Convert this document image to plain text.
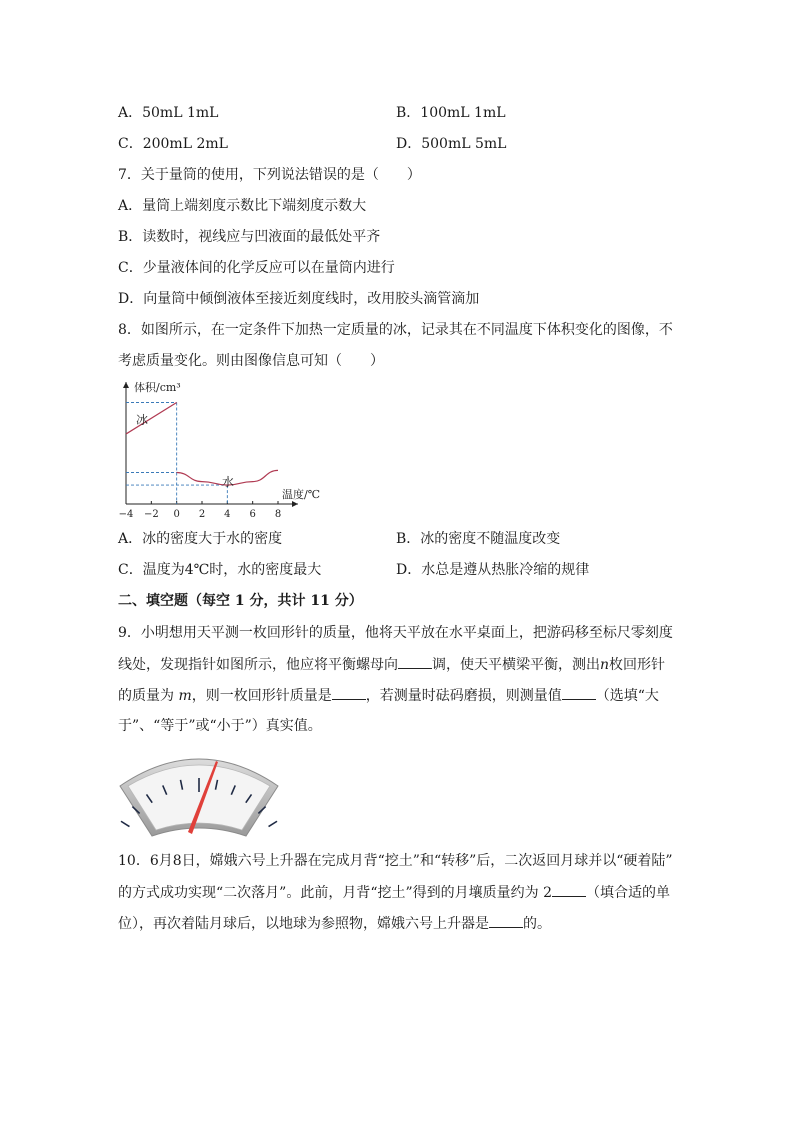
A．50mL 1mL	B．100mL 1mL
C．200mL 2mL	D．500mL 5mL
7．关于量筒的使用，下列说法错误的是（　　）
A．量筒上端刻度示数比下端刻度示数大
B．读数时，视线应与凹液面的最低处平齐
C．少量液体间的化学反应可以在量筒内进行
D．向量筒中倾倒液体至接近刻度线时，改用胶头滴管滴加
8．如图所示，在一定条件下加热一定质量的冰，记录其在不同温度下体积变化的图像，不
考虑质量变化。则由图像信息可知（　　）
体积/cm³
温度/℃
−4 −2 0 2 4 6 8
冰
水
A．冰的密度大于水的密度	B．冰的密度不随温度改变
C．温度为4℃时，水的密度最大	D．水总是遵从热胀冷缩的规律
二、填空题（每空 1 分，共计 11 分）
9．小明想用天平测一枚回形针的质量，他将天平放在水平桌面上，把游码移至标尺零刻度
线处，发现指针如图所示，他应将平衡螺母向 调，使天平横梁平衡，测出n枚回形针
的质量为 m，则一枚回形针质量是 ，若测量时砝码磨损，则测量值 （选填“大
于”、“等于”或“小于”）真实值。
10．6月8日，嫦娥六号上升器在完成月背“挖土”和“转移”后，二次返回月球并以“硬着陆”
的方式成功实现“二次落月”。此前，月背“挖土”得到的月壤质量约为 2 （填合适的单
位），再次着陆月球后，以地球为参照物，嫦娥六号上升器是 的。
